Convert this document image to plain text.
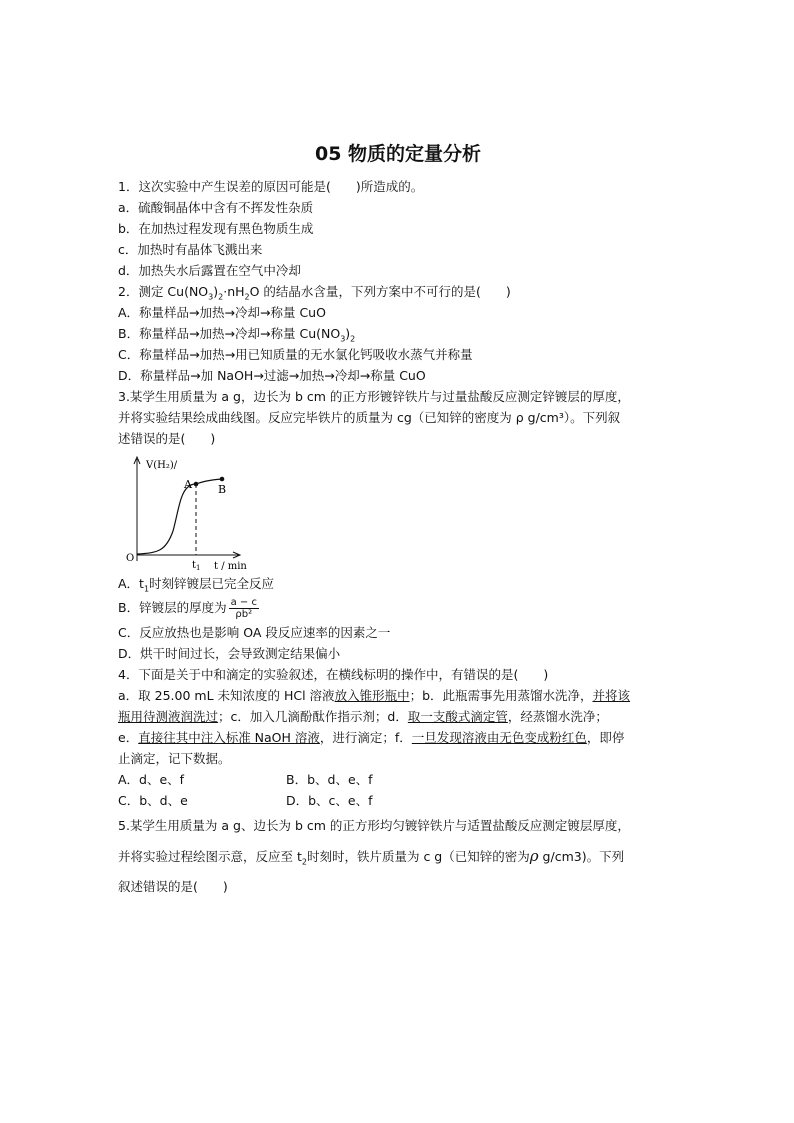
05 物质的定量分析
1．这次实验中产生误差的原因可能是(　　)所造成的。
a．硫酸铜晶体中含有不挥发性杂质
b．在加热过程发现有黑色物质生成
c．加热时有晶体飞溅出来
d．加热失水后露置在空气中冷却
2．测定 $Cu(NO_3)_2\cdot nH_2O$ 的结晶水含量，下列方案中不可行的是(　　)
A．称量样品→加热→冷却→称量 CuO
B．称量样品→加热→冷却→称量 $Cu(NO_3)_2$
C．称量样品→加热→用已知质量的无水氯化钙吸收水蒸气并称量
D．称量样品→加 NaOH→过滤→加热→冷却→称量 CuO
3.某学生用质量为 a g，边长为 b cm 的正方形镀锌铁片与过量盐酸反应测定锌镀层的厚度，
并将实验结果绘成曲线图。反应完毕铁片的质量为 cg（已知锌的密度为 ρ g/cm³）。下列叙
述错误的是(　　)
V(H₂)/
A B
O
$t_1$ t / min
A．$t_1$时刻锌镀层已完全反应
B．锌镀层的厚度为 $\frac{a - c}{\text{ρb²}}$
C．反应放热也是影响 OA 段反应速率的因素之一
D．烘干时间过长，会导致测定结果偏小
4．下面是关于中和滴定的实验叙述，在横线标明的操作中，有错误的是(　　)
a．取 25.00 mL 未知浓度的 HCl 溶液放入锥形瓶中；b．此瓶需事先用蒸馏水洗净，并将该
瓶用待测液润洗过；c．加入几滴酚酞作指示剂；d．取一支酸式滴定管，经蒸馏水洗净；
e．直接往其中注入标准 NaOH 溶液，进行滴定；f．一旦发现溶液由无色变成粉红色，即停
止滴定，记下数据。
A．d、e、f	B．b、d、e、f
C．b、d、e	D．b、c、e、f
5.某学生用质量为 a g、边长为 b cm 的正方形均匀镀锌铁片与适置盐酸反应测定镀层厚度，
并将实验过程绘图示意，反应至 $t_2$时刻时，铁片质量为 c g（已知锌的密为ρ g/cm3)。下列
叙述错误的是(　　)
